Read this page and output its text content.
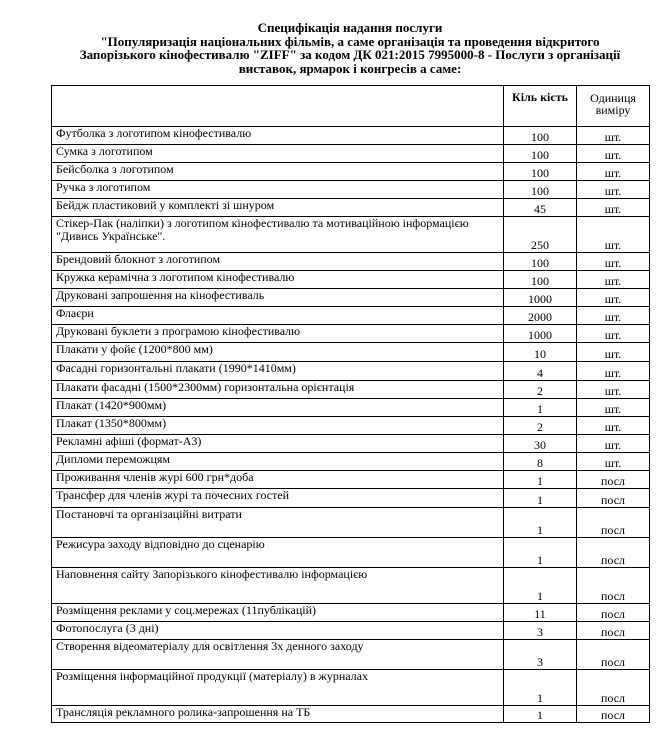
Специфікація надання послуги
"Популяризація національних фільмів, а саме організація та проведення відкритого
Запорізького кінофестивалю "ZIFF" за кодом ДК 021:2015 7995000-8 - Послуги з організації
виставок, ярмарок і конгресів а саме:
	Кіль кість	Одиниця виміру
Футболка з логотипом кінофестивалю	100	шт.
Сумка з логотипом	100	шт.
Бейсболка з логотипом	100	шт.
Ручка з логотипом	100	шт.
Бейдж пластиковий у комплекті зі шнуром	45	шт.
Стікер-Пак (наліпки) з логотипом кінофестивалю та мотиваційною інформацією "Дивись Українське".	250	шт.
Брендовий блокнот з логотипом	100	шт.
Кружка керамічна з логотипом кінофестивалю	100	шт.
Друковані запрошення на кінофестиваль	1000	шт.
Флаєри	2000	шт.
Друковані буклети з програмою кінофестивалю	1000	шт.
Плакати у фойє (1200*800 мм)	10	шт.
Фасадні горизонтальні плакати (1990*1410мм)	4	шт.
Плакати фасадні (1500*2300мм) горизонтальна орієнтація	2	шт.
Плакат (1420*900мм)	1	шт.
Плакат (1350*800мм)	2	шт.
Рекламні афіші (формат-А3)	30	шт.
Дипломи переможцям	8	шт.
Проживання членів журі 600 грн*доба	1	посл
Трансфер для членів журі та почесних гостей	1	посл
Постановчі та організаційні витрати	1	посл
Режисура заходу відповідно до сценарію	1	посл
Наповнення сайту Запорізького кінофестивалю інформацією	1	посл
Розміщення реклами у соц.мережах (11публікацій)	11	посл
Фотопослуга (3 дні)	3	посл
Створення відеоматеріалу для освітлення 3х денного заходу	3	посл
Розміщення інформаційної продукції (матеріалу) в журналах	1	посл
Трансляція рекламного ролика-запрошення на ТБ	1	посл
